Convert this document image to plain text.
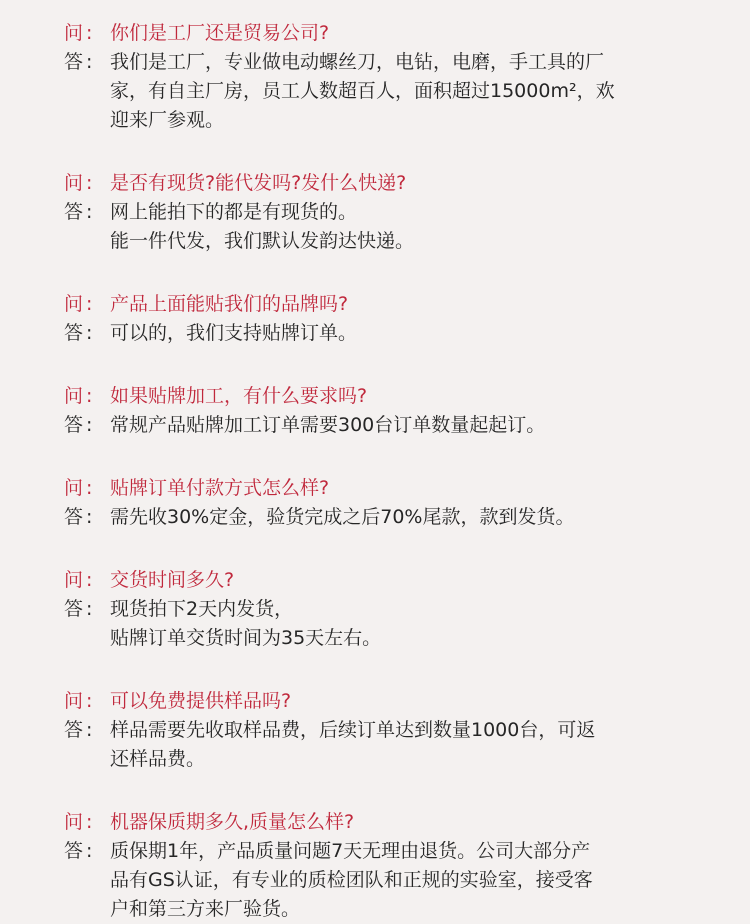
问 : 你们是工厂还是贸易公司?
答 : 我们是工厂，专业做电动螺丝刀，电钻，电磨，手工具的厂
家，有自主厂房，员工人数超百人，面积超过15000m²，欢
迎来厂参观。
问 : 是否有现货?能代发吗?发什么快递?
答 : 网上能拍下的都是有现货的。
能一件代发，我们默认发韵达快递。
问 : 产品上面能贴我们的品牌吗?
答 : 可以的，我们支持贴牌订单。
问 : 如果贴牌加工，有什么要求吗?
答 : 常规产品贴牌加工订单需要300台订单数量起起订。
问 : 贴牌订单付款方式怎么样?
答 : 需先收30%定金，验货完成之后70%尾款，款到发货。
问 : 交货时间多久?
答 : 现货拍下2天内发货，
贴牌订单交货时间为35天左右。
问 : 可以免费提供样品吗?
答 : 样品需要先收取样品费，后续订单达到数量1000台，可返
还样品费。
问 : 机器保质期多久,质量怎么样?
答 : 质保期1年，产品质量问题7天无理由退货。公司大部分产
品有GS认证，有专业的质检团队和正规的实验室，接受客
户和第三方来厂验货。
